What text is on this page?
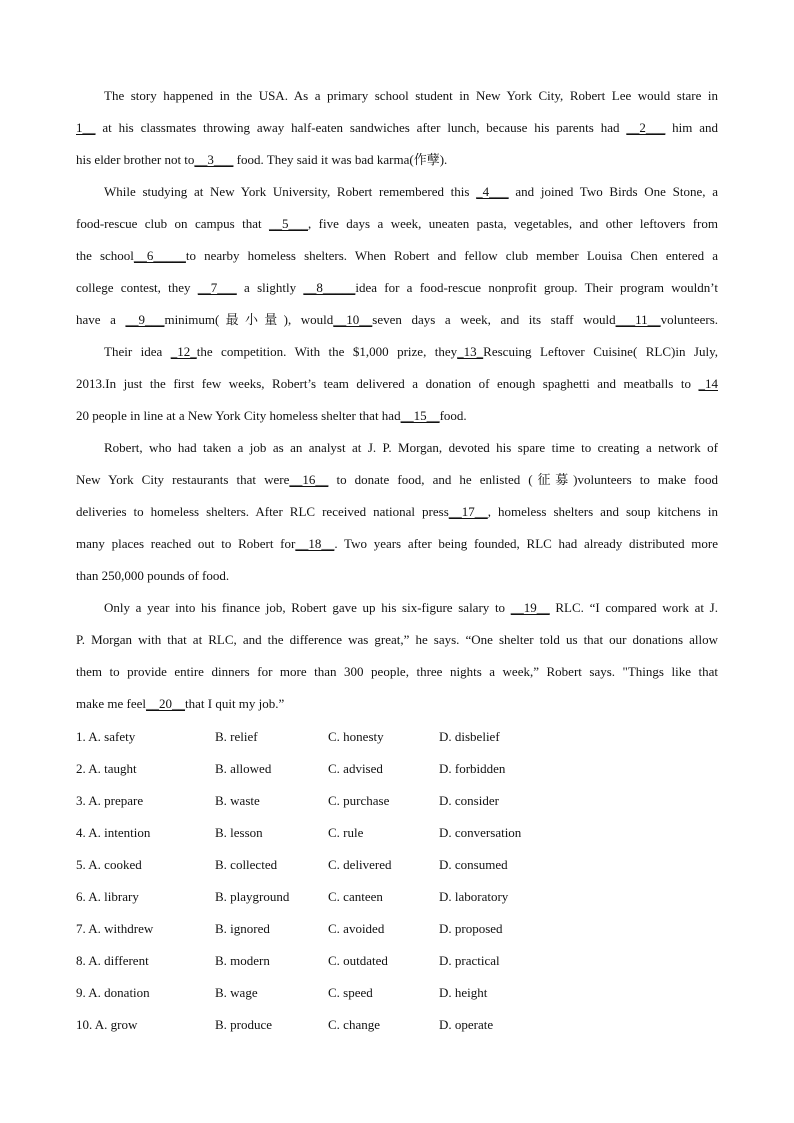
The story happened in the USA. As a primary school student in New York City, Robert Lee would stare in
1__ at his classmates throwing away half-eaten sandwiches after lunch, because his parents had __2___ him and
his elder brother not to__3___ food. They said it was bad karma(作孽).
While studying at New York University, Robert remembered this _4___ and joined Two Birds One Stone, a
food-rescue club on campus that __5___, five days a week, uneaten pasta, vegetables, and other leftovers from
the school__6_____to nearby homeless shelters. When Robert and fellow club member Louisa Chen entered a
college contest, they __7___ a slightly __8_____idea for a food-rescue nonprofit group. Their program wouldn’t
have a __9___minimum(最小量), would__10__seven days a week, and its staff would___11__volunteers.
Their idea _12_the competition. With the $1,000 prize, they_13_Rescuing Leftover Cuisine( RLC)in July,
2013.In just the first few weeks, Robert’s team delivered a donation of enough spaghetti and meatballs to _14
20 people in line at a New York City homeless shelter that had__15__food.
Robert, who had taken a job as an analyst at J. P. Morgan, devoted his spare time to creating a network of
New York City restaurants that were__16__ to donate food, and he enlisted (征募)volunteers to make food
deliveries to homeless shelters. After RLC received national press__17__, homeless shelters and soup kitchens in
many places reached out to Robert for__18__. Two years after being founded, RLC had already distributed more
than 250,000 pounds of food.
Only a year into his finance job, Robert gave up his six-figure salary to __19__ RLC. “I compared work at J.
P. Morgan with that at RLC, and the difference was great,” he says. “One shelter told us that our donations allow
them to provide entire dinners for more than 300 people, three nights a week,” Robert says. "Things like that
make me feel__20__that I quit my job.”
1. A. safety	B. relief	C. honesty	D. disbelief
2. A. taught	B. allowed	C. advised	D. forbidden
3. A. prepare	B. waste	C. purchase	D. consider
4. A. intention	B. lesson	C. rule	D. conversation
5. A. cooked	B. collected	C. delivered	D. consumed
6. A. library	B. playground	C. canteen	D. laboratory
7. A. withdrew	B. ignored	C. avoided	D. proposed
8. A. different	B. modern	C. outdated	D. practical
9. A. donation	B. wage	C. speed	D. height
10. A. grow	B. produce	C. change	D. operate
